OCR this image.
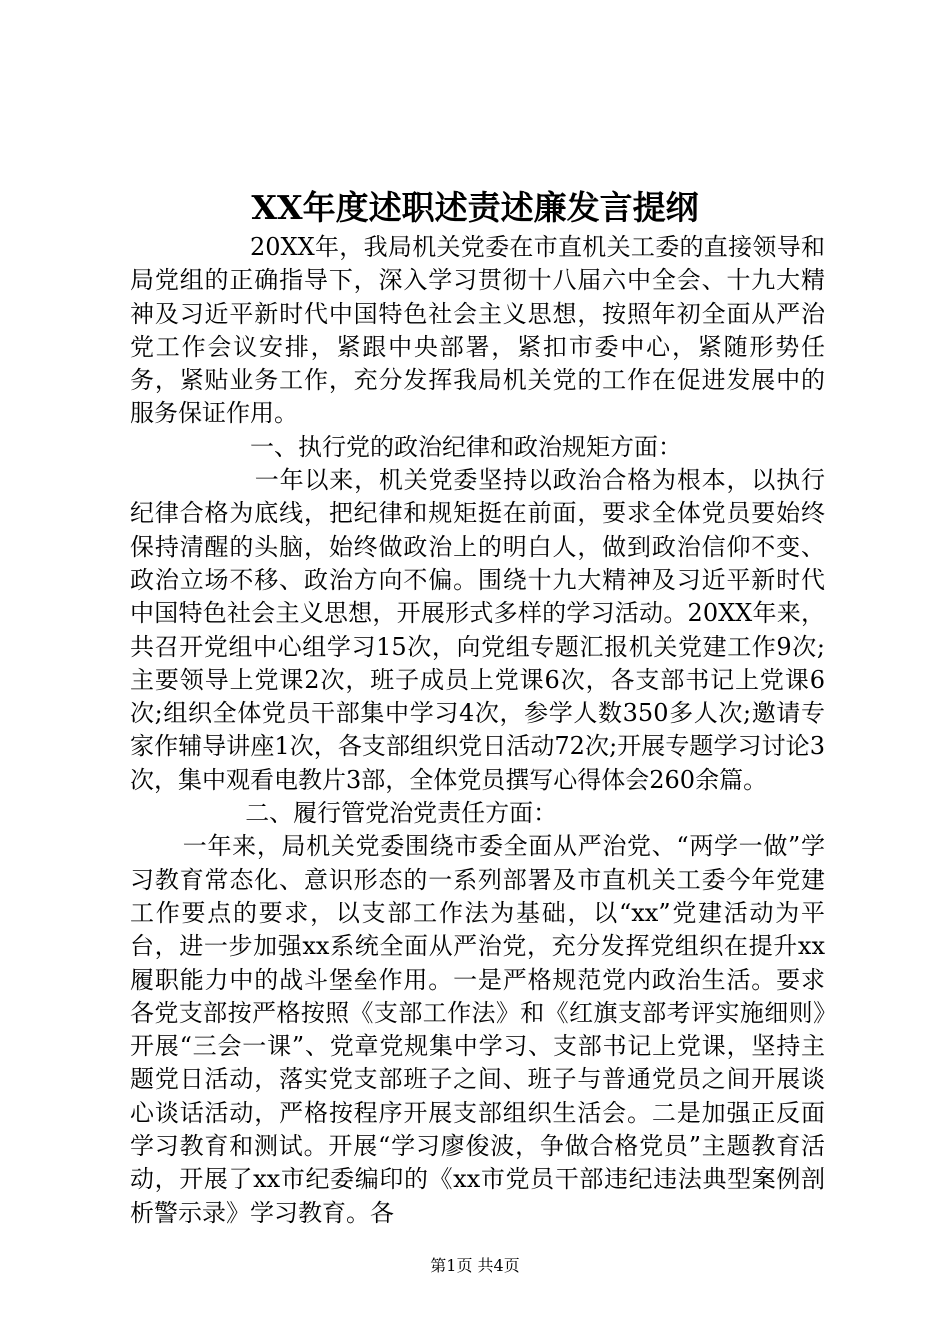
XX年度述职述责述廉发言提纲

20XX年，我局机关党委在市直机关工委的直接领导和局党组的正确指导下，深入学习贯彻十八届六中全会、十九大精神及习近平新时代中国特色社会主义思想，按照年初全面从严治党工作会议安排，紧跟中央部署，紧扣市委中心，紧随形势任务，紧贴业务工作，充分发挥我局机关党的工作在促进发展中的服务保证作用。

一、执行党的政治纪律和政治规矩方面：

一年以来，机关党委坚持以政治合格为根本，以执行纪律合格为底线，把纪律和规矩挺在前面，要求全体党员要始终保持清醒的头脑，始终做政治上的明白人，做到政治信仰不变、政治立场不移、政治方向不偏。围绕十九大精神及习近平新时代中国特色社会主义思想，开展形式多样的学习活动。20XX年来，共召开党组中心组学习15次，向党组专题汇报机关党建工作9次;主要领导上党课2次，班子成员上党课6次，各支部书记上党课6次;组织全体党员干部集中学习4次，参学人数350多人次;邀请专家作辅导讲座1次，各支部组织党日活动72次;开展专题学习讨论3次，集中观看电教片3部，全体党员撰写心得体会260余篇。

二、履行管党治党责任方面：

一年来，局机关党委围绕市委全面从严治党、“两学一做”学习教育常态化、意识形态的一系列部署及市直机关工委今年党建工作要点的要求，以支部工作法为基础，以“xx”党建活动为平台，进一步加强xx系统全面从严治党，充分发挥党组织在提升xx履职能力中的战斗堡垒作用。一是严格规范党内政治生活。要求各党支部按严格按照《支部工作法》和《红旗支部考评实施细则》开展“三会一课”、党章党规集中学习、支部书记上党课，坚持主题党日活动，落实党支部班子之间、班子与普通党员之间开展谈心谈话活动，严格按程序开展支部组织生活会。二是加强正反面学习教育和测试。开展“学习廖俊波，争做合格党员”主题教育活动，开展了xx市纪委编印的《xx市党员干部违纪违法典型案例剖析警示录》学习教育。各

第1页 共4页
